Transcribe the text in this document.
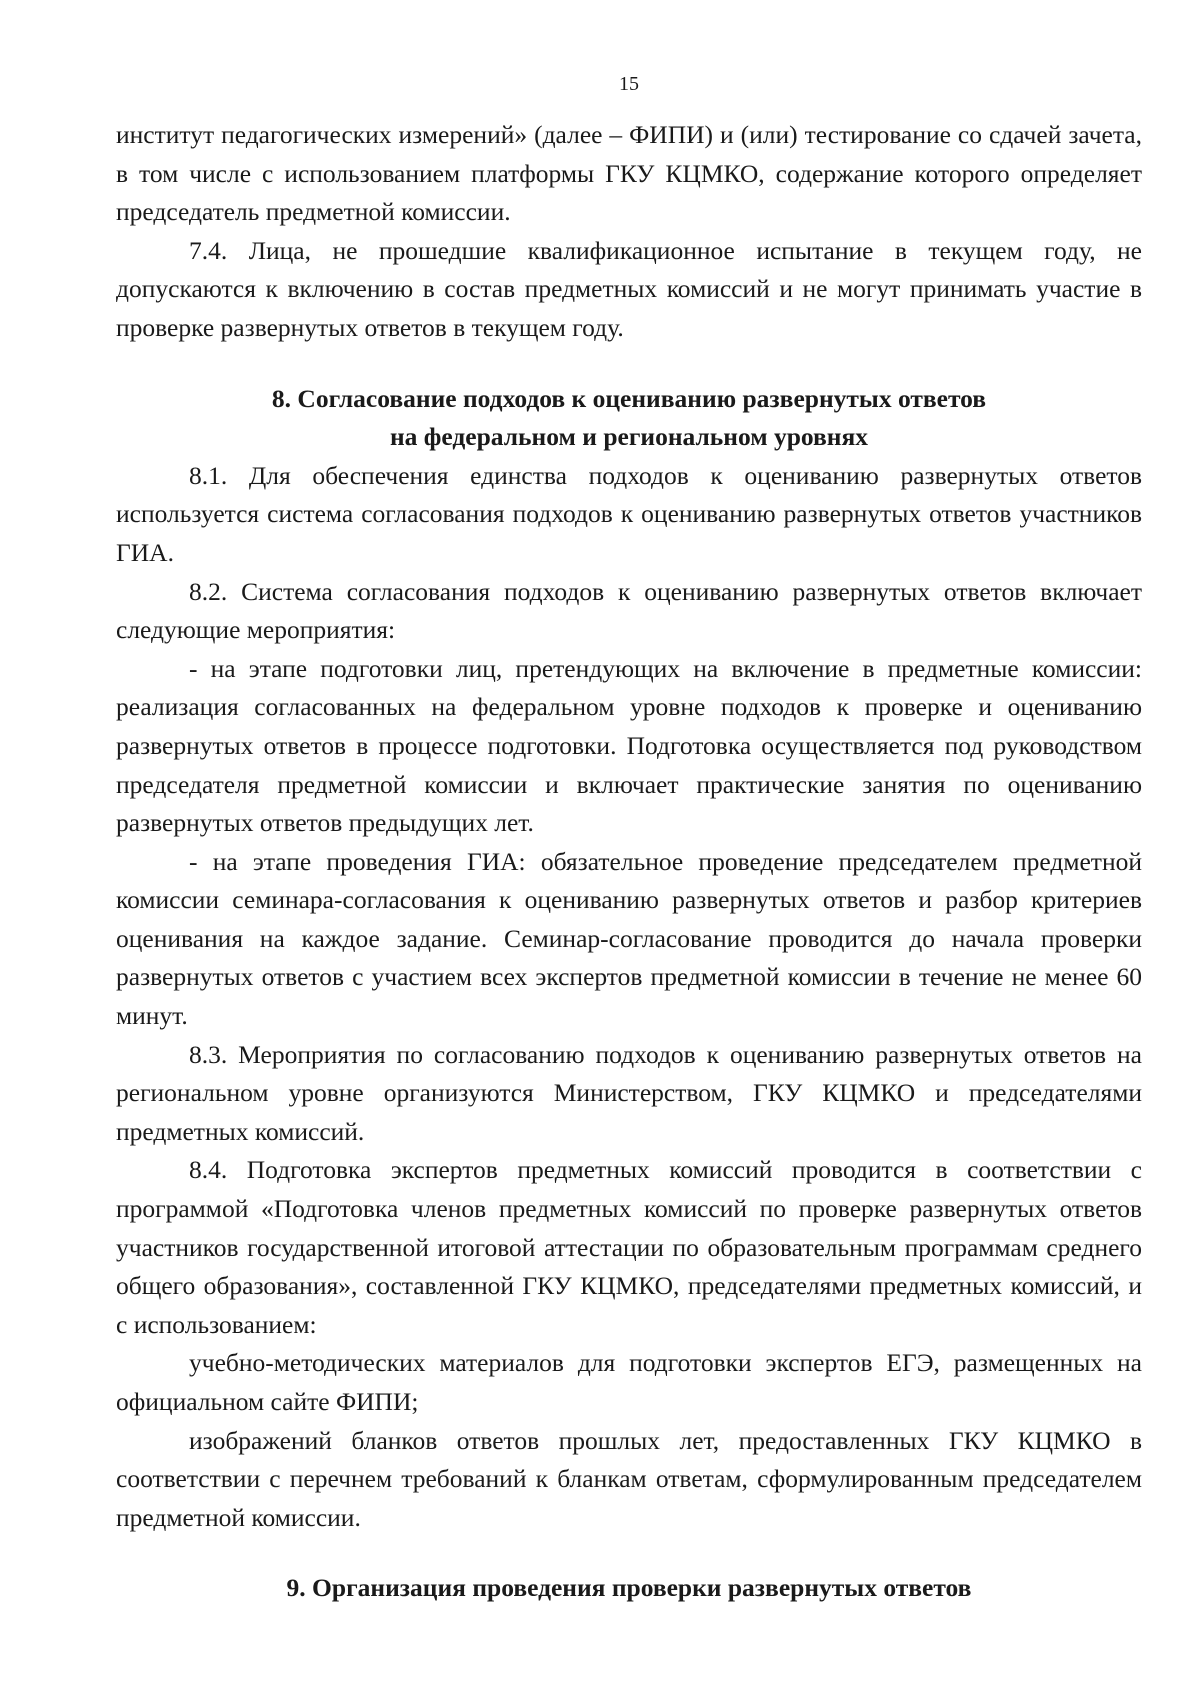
15

институт педагогических измерений» (далее – ФИПИ) и (или) тестирование со сдачей зачета, в том числе с использованием платформы ГКУ КЦМКО, содержание которого определяет председатель предметной комиссии.

7.4. Лица, не прошедшие квалификационное испытание в текущем году, не допускаются к включению в состав предметных комиссий и не могут принимать участие в проверке развернутых ответов в текущем году.

8. Согласование подходов к оцениванию развернутых ответов
на федеральном и региональном уровнях

8.1. Для обеспечения единства подходов к оцениванию развернутых ответов используется система согласования подходов к оцениванию развернутых ответов участников ГИА.

8.2. Система согласования подходов к оцениванию развернутых ответов включает следующие мероприятия:

- на этапе подготовки лиц, претендующих на включение в предметные комиссии: реализация согласованных на федеральном уровне подходов к проверке и оцениванию развернутых ответов в процессе подготовки. Подготовка осуществляется под руководством председателя предметной комиссии и включает практические занятия по оцениванию развернутых ответов предыдущих лет.

- на этапе проведения ГИА: обязательное проведение председателем предметной комиссии семинара-согласования к оцениванию развернутых ответов и разбор критериев оценивания на каждое задание. Семинар-согласование проводится до начала проверки развернутых ответов с участием всех экспертов предметной комиссии в течение не менее 60 минут.

8.3. Мероприятия по согласованию подходов к оцениванию развернутых ответов на региональном уровне организуются Министерством, ГКУ КЦМКО и председателями предметных комиссий.

8.4. Подготовка экспертов предметных комиссий проводится в соответствии с программой «Подготовка членов предметных комиссий по проверке развернутых ответов участников государственной итоговой аттестации по образовательным программам среднего общего образования», составленной ГКУ КЦМКО, председателями предметных комиссий, и с использованием:

учебно-методических материалов для подготовки экспертов ЕГЭ, размещенных на официальном сайте ФИПИ;

изображений бланков ответов прошлых лет, предоставленных ГКУ КЦМКО в соответствии с перечнем требований к бланкам ответам, сформулированным председателем предметной комиссии.

9. Организация проведения проверки развернутых ответов
